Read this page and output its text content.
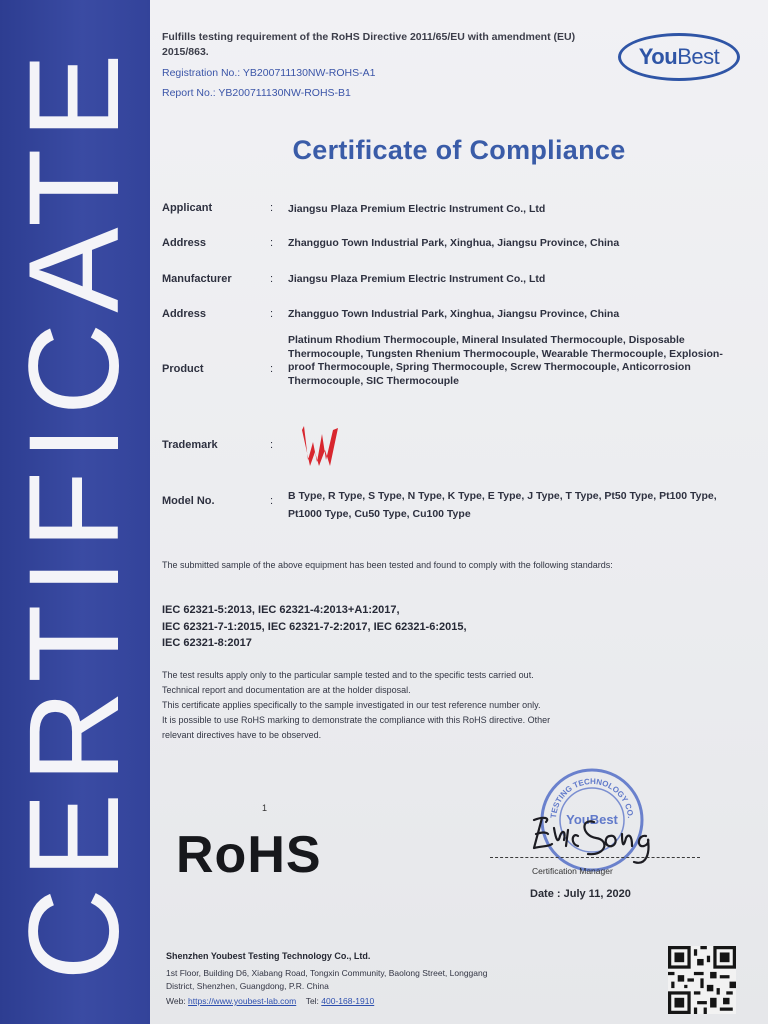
CERTIFICATE
Fulfills testing requirement of the RoHS Directive 2011/65/EU with amendment (EU) 2015/863.
Registration No.: YB200711130NW-ROHS-A1
Report No.: YB200711130NW-ROHS-B1
YouBest
Certificate of Compliance
Applicant	: Jiangsu Plaza Premium Electric Instrument Co., Ltd
Address	: Zhangguo Town Industrial Park, Xinghua, Jiangsu Province, China
Manufacturer	: Jiangsu Plaza Premium Electric Instrument Co., Ltd
Address	: Zhangguo Town Industrial Park, Xinghua, Jiangsu Province, China
Product	:
Platinum Rhodium Thermocouple, Mineral Insulated Thermocouple, Disposable Thermocouple, Tungsten Rhenium Thermocouple, Wearable Thermocouple, Explosion-proof Thermocouple, Spring Thermocouple, Screw Thermocouple, Anticorrosion Thermocouple, SIC Thermocouple
Trademark	:
Model No.	: B Type, R Type, S Type, N Type, K Type, E Type, J Type, T Type, Pt50 Type, Pt100 Type, Pt1000 Type, Cu50 Type, Cu100 Type
The submitted sample of the above equipment has been tested and found to comply with the following standards:
IEC 62321-5:2013, IEC 62321-4:2013+A1:2017,
IEC 62321-7-1:2015, IEC 62321-7-2:2017, IEC 62321-6:2015,
IEC 62321-8:2017
The test results apply only to the particular sample tested and to the specific tests carried out.
Technical report and documentation are at the holder disposal.
This certificate applies specifically to the sample investigated in our test reference number only.
It is possible to use RoHS marking to demonstrate the compliance with this RoHS directive. Other
relevant directives have to be observed.
1
RoHS
TESTING TECHNOLOGY CO.
YouBest
Certification Manager
Date : July 11, 2020
Shenzhen Youbest Testing Technology Co., Ltd.
1st Floor, Building D6, Xiabang Road, Tongxin Community, Baolong Street, Longgang
District, Shenzhen, Guangdong, P.R. China
Web: https://www.youbest-lab.com Tel: 400-168-1910
